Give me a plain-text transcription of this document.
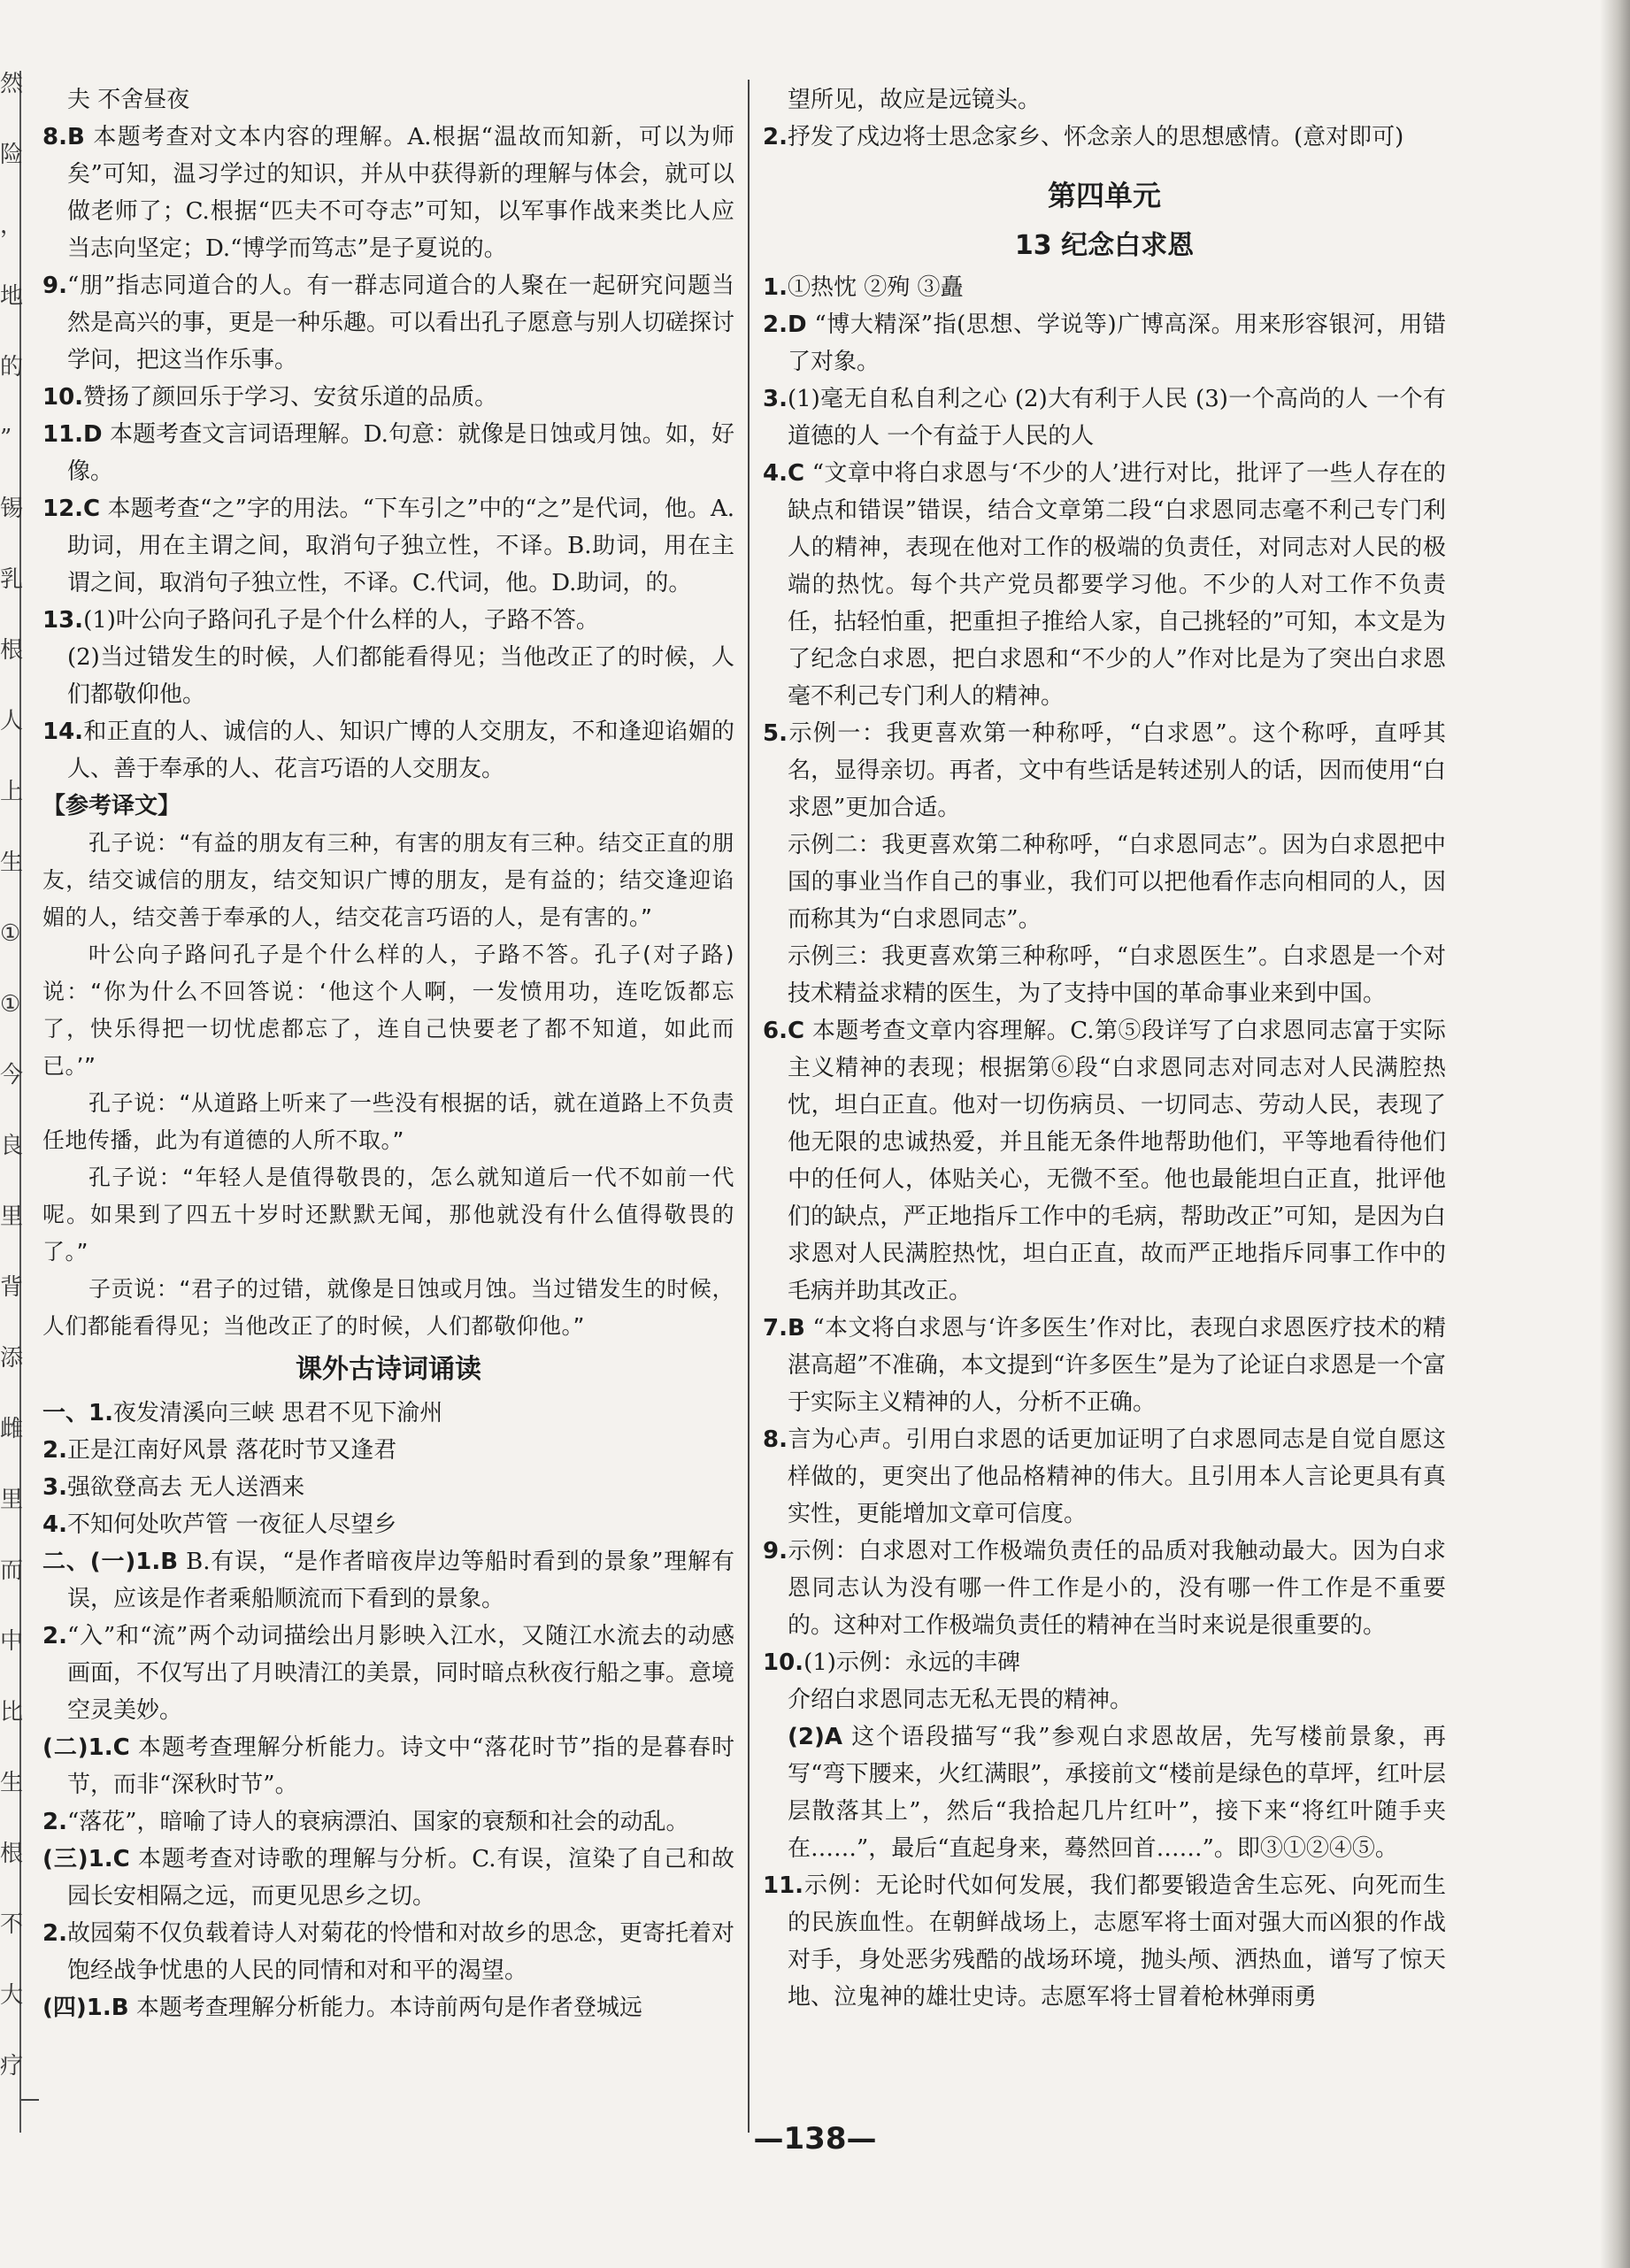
然
险
，
地
的
”
锡
乳
根
人
上
生
①
①
今
良
里
背
添
雌
里
而
中
比
生
根
不
大
疗

夫 不舍昼夜

8.B 本题考查对文本内容的理解。A.根据“温故而知新，可以为师矣”可知，温习学过的知识，并从中获得新的理解与体会，就可以做老师了；C.根据“匹夫不可夺志”可知，以军事作战来类比人应当志向坚定；D.“博学而笃志”是子夏说的。

9.“朋”指志同道合的人。有一群志同道合的人聚在一起研究问题当然是高兴的事，更是一种乐趣。可以看出孔子愿意与别人切磋探讨学问，把这当作乐事。

10.赞扬了颜回乐于学习、安贫乐道的品质。

11.D 本题考查文言词语理解。D.句意：就像是日蚀或月蚀。如，好像。

12.C 本题考查“之”字的用法。“下车引之”中的“之”是代词，他。A.助词，用在主谓之间，取消句子独立性，不译。B.助词，用在主谓之间，取消句子独立性，不译。C.代词，他。D.助词，的。

13.(1)叶公向子路问孔子是个什么样的人，子路不答。

(2)当过错发生的时候，人们都能看得见；当他改正了的时候，人们都敬仰他。

14.和正直的人、诚信的人、知识广博的人交朋友，不和逢迎谄媚的人、善于奉承的人、花言巧语的人交朋友。

【参考译文】

孔子说：“有益的朋友有三种，有害的朋友有三种。结交正直的朋友，结交诚信的朋友，结交知识广博的朋友，是有益的；结交逢迎谄媚的人，结交善于奉承的人，结交花言巧语的人，是有害的。”

叶公向子路问孔子是个什么样的人，子路不答。孔子(对子路)说：“你为什么不回答说：‘他这个人啊，一发愤用功，连吃饭都忘了，快乐得把一切忧虑都忘了，连自己快要老了都不知道，如此而已。’”

孔子说：“从道路上听来了一些没有根据的话，就在道路上不负责任地传播，此为有道德的人所不取。”

孔子说：“年轻人是值得敬畏的，怎么就知道后一代不如前一代呢。如果到了四五十岁时还默默无闻，那他就没有什么值得敬畏的了。”

子贡说：“君子的过错，就像是日蚀或月蚀。当过错发生的时候，人们都能看得见；当他改正了的时候，人们都敬仰他。”

课外古诗词诵读

一、1.夜发清溪向三峡 思君不见下渝州

2.正是江南好风景 落花时节又逢君

3.强欲登高去 无人送酒来

4.不知何处吹芦管 一夜征人尽望乡

二、(一)1.B B.有误，“是作者暗夜岸边等船时看到的景象”理解有误，应该是作者乘船顺流而下看到的景象。

2.“入”和“流”两个动词描绘出月影映入江水，又随江水流去的动感画面，不仅写出了月映清江的美景，同时暗点秋夜行船之事。意境空灵美妙。

(二)1.C 本题考查理解分析能力。诗文中“落花时节”指的是暮春时节，而非“深秋时节”。

2.“落花”，暗喻了诗人的衰病漂泊、国家的衰颓和社会的动乱。

(三)1.C 本题考查对诗歌的理解与分析。C.有误，渲染了自己和故园长安相隔之远，而更见思乡之切。

2.故园菊不仅负载着诗人对菊花的怜惜和对故乡的思念，更寄托着对饱经战争忧患的人民的同情和对和平的渴望。

(四)1.B 本题考查理解分析能力。本诗前两句是作者登城远

望所见，故应是远镜头。

2.抒发了戍边将士思念家乡、怀念亲人的思想感情。(意对即可)

第四单元

13 纪念白求恩

1.①热忱 ②殉 ③矗

2.D “博大精深”指(思想、学说等)广博高深。用来形容银河，用错了对象。

3.(1)毫无自私自利之心 (2)大有利于人民 (3)一个高尚的人 一个有道德的人 一个有益于人民的人

4.C “文章中将白求恩与‘不少的人’进行对比，批评了一些人存在的缺点和错误”错误，结合文章第二段“白求恩同志毫不利己专门利人的精神，表现在他对工作的极端的负责任，对同志对人民的极端的热忱。每个共产党员都要学习他。不少的人对工作不负责任，拈轻怕重，把重担子推给人家，自己挑轻的”可知，本文是为了纪念白求恩，把白求恩和“不少的人”作对比是为了突出白求恩毫不利己专门利人的精神。

5.示例一：我更喜欢第一种称呼，“白求恩”。这个称呼，直呼其名，显得亲切。再者，文中有些话是转述别人的话，因而使用“白求恩”更加合适。

示例二：我更喜欢第二种称呼，“白求恩同志”。因为白求恩把中国的事业当作自己的事业，我们可以把他看作志向相同的人，因而称其为“白求恩同志”。

示例三：我更喜欢第三种称呼，“白求恩医生”。白求恩是一个对技术精益求精的医生，为了支持中国的革命事业来到中国。

6.C 本题考查文章内容理解。C.第⑤段详写了白求恩同志富于实际主义精神的表现；根据第⑥段“白求恩同志对同志对人民满腔热忱，坦白正直。他对一切伤病员、一切同志、劳动人民，表现了他无限的忠诚热爱，并且能无条件地帮助他们，平等地看待他们中的任何人，体贴关心，无微不至。他也最能坦白正直，批评他们的缺点，严正地指斥工作中的毛病，帮助改正”可知，是因为白求恩对人民满腔热忱，坦白正直，故而严正地指斥同事工作中的毛病并助其改正。

7.B “本文将白求恩与‘许多医生’作对比，表现白求恩医疗技术的精湛高超”不准确，本文提到“许多医生”是为了论证白求恩是一个富于实际主义精神的人，分析不正确。

8.言为心声。引用白求恩的话更加证明了白求恩同志是自觉自愿这样做的，更突出了他品格精神的伟大。且引用本人言论更具有真实性，更能增加文章可信度。

9.示例：白求恩对工作极端负责任的品质对我触动最大。因为白求恩同志认为没有哪一件工作是小的，没有哪一件工作是不重要的。这种对工作极端负责任的精神在当时来说是很重要的。

10.(1)示例：永远的丰碑

介绍白求恩同志无私无畏的精神。

(2)A 这个语段描写“我”参观白求恩故居，先写楼前景象，再写“弯下腰来，火红满眼”，承接前文“楼前是绿色的草坪，红叶层层散落其上”，然后“我拾起几片红叶”，接下来“将红叶随手夹在……”，最后“直起身来，蓦然回首……”。即③①②④⑤。

11.示例：无论时代如何发展，我们都要锻造舍生忘死、向死而生的民族血性。在朝鲜战场上，志愿军将士面对强大而凶狠的作战对手，身处恶劣残酷的战场环境，抛头颅、洒热血，谱写了惊天地、泣鬼神的雄壮史诗。志愿军将士冒着枪林弹雨勇

—138—
